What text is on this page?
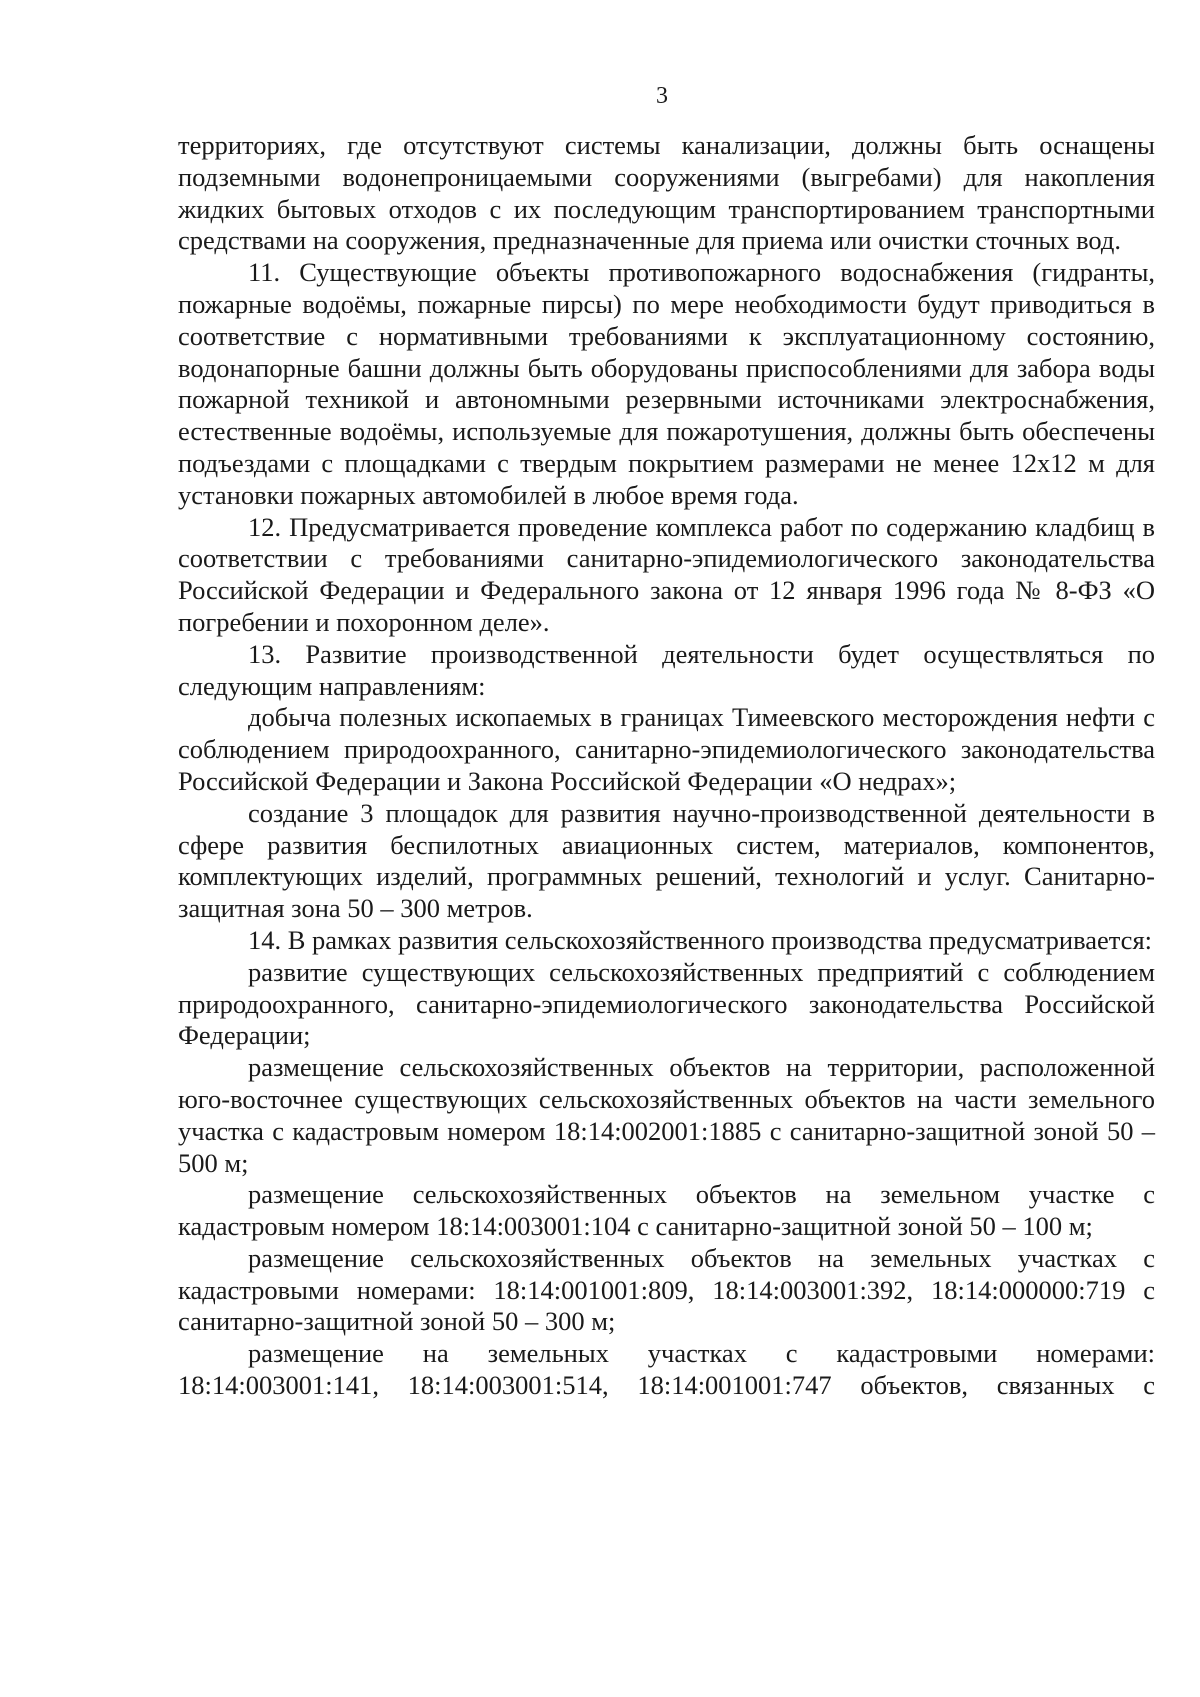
3

территориях, где отсутствуют системы канализации, должны быть оснащены подземными водонепроницаемыми сооружениями (выгребами) для накопления жидких бытовых отходов с их последующим транспортированием транспортными средствами на сооружения, предназначенные для приема или очистки сточных вод.

11. Существующие объекты противопожарного водоснабжения (гидранты, пожарные водоёмы, пожарные пирсы) по мере необходимости будут приводиться в соответствие с нормативными требованиями к эксплуатационному состоянию, водонапорные башни должны быть оборудованы приспособлениями для забора воды пожарной техникой и автономными резервными источниками электроснабжения, естественные водоёмы, используемые для пожаротушения, должны быть обеспечены подъездами с площадками с твердым покрытием размерами не менее 12х12 м для установки пожарных автомобилей в любое время года.

12. Предусматривается проведение комплекса работ по содержанию кладбищ в соответствии с требованиями санитарно-эпидемиологического законодательства Российской Федерации и Федерального закона от 12 января 1996 года № 8-ФЗ «О погребении и похоронном деле».

13. Развитие производственной деятельности будет осуществляться по следующим направлениям:

добыча полезных ископаемых в границах Тимеевского месторождения нефти с соблюдением природоохранного, санитарно-эпидемиологического законодательства Российской Федерации и Закона Российской Федерации «О недрах»;

создание 3 площадок для развития научно-производственной деятельности в сфере развития беспилотных авиационных систем, материалов, компонентов, комплектующих изделий, программных решений, технологий и услуг. Санитарно-защитная зона 50 – 300 метров.

14. В рамках развития сельскохозяйственного производства предусматривается:

развитие существующих сельскохозяйственных предприятий с соблюдением природоохранного, санитарно-эпидемиологического законодательства Российской Федерации;

размещение сельскохозяйственных объектов на территории, расположенной юго-восточнее существующих сельскохозяйственных объектов на части земельного участка с кадастровым номером 18:14:002001:1885 с санитарно-защитной зоной 50 – 500 м;

размещение сельскохозяйственных объектов на земельном участке с кадастровым номером 18:14:003001:104 с санитарно-защитной зоной 50 – 100 м;

размещение сельскохозяйственных объектов на земельных участках с кадастровыми номерами: 18:14:001001:809, 18:14:003001:392, 18:14:000000:719 с санитарно-защитной зоной 50 – 300 м;

размещение на земельных участках с кадастровыми номерами: 18:14:003001:141, 18:14:003001:514, 18:14:001001:747 объектов, связанных с
